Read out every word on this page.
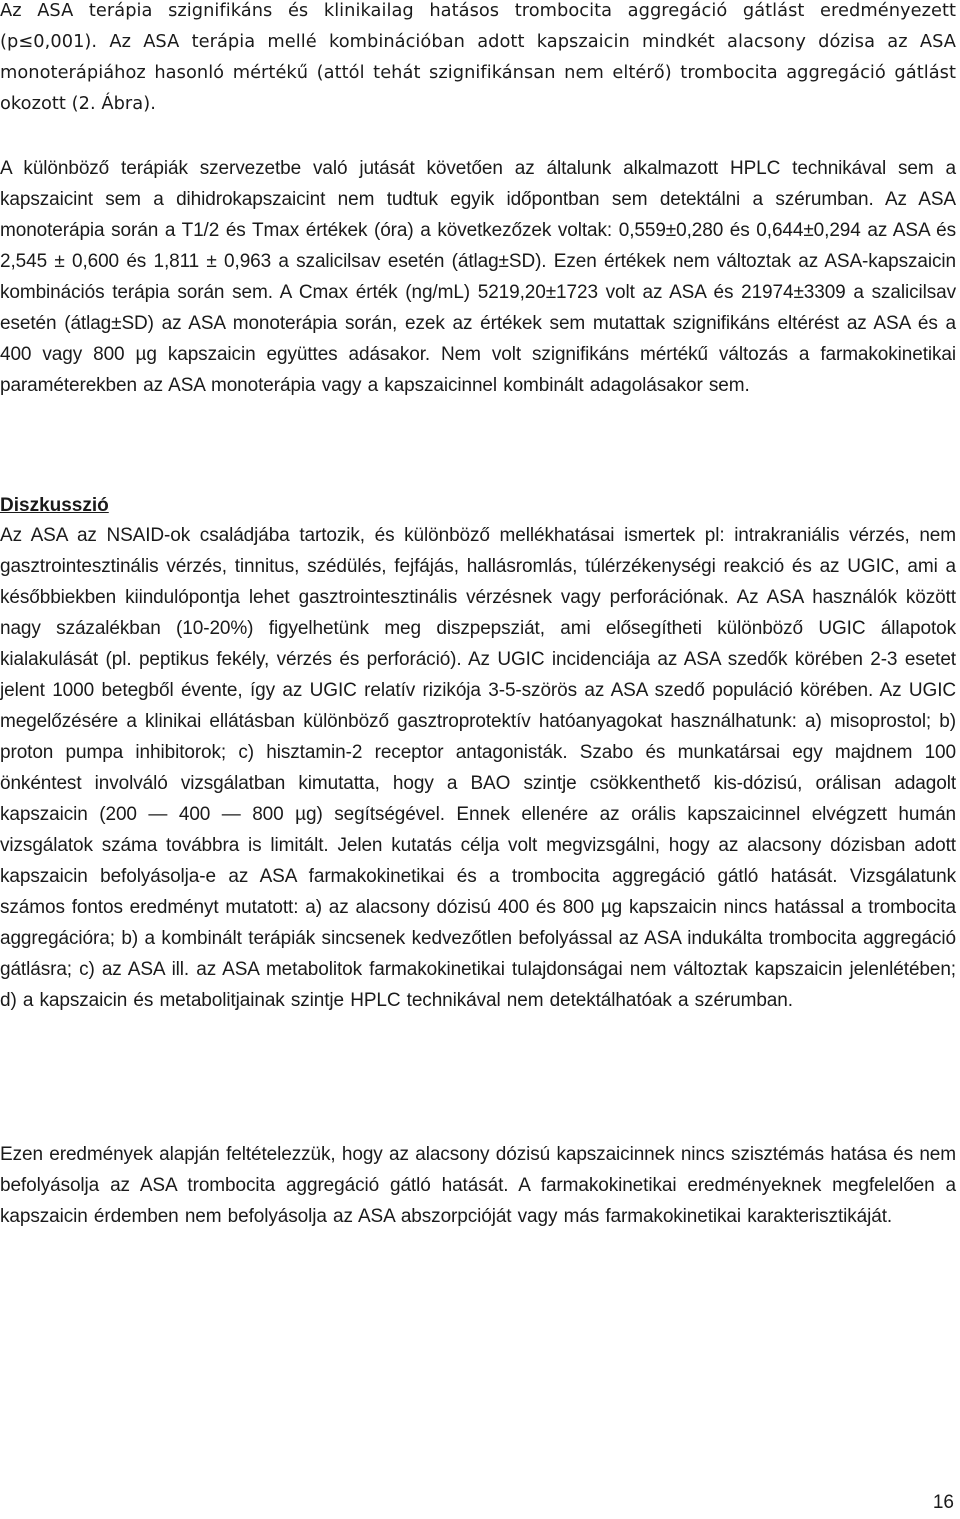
Az ASA terápia szignifikáns és klinikailag hatásos trombocita aggregáció gátlást eredményezett (p≤0,001). Az ASA terápia mellé kombinációban adott kapszaicin mindkét alacsony dózisa az ASA monoterápiához hasonló mértékű (attól tehát szignifikánsan nem eltérő) trombocita aggregáció gátlást okozott (2. Ábra).

A különböző terápiák szervezetbe való jutását követően az általunk alkalmazott HPLC technikával sem a kapszaicint sem a dihidrokapszaicint nem tudtuk egyik időpontban sem detektálni a szérumban. Az ASA monoterápia során a T1/2 és Tmax értékek (óra) a következőzek voltak: 0,559±0,280 és 0,644±0,294 az ASA és 2,545 ± 0,600 és 1,811 ± 0,963 a szalicilsav esetén (átlag±SD). Ezen értékek nem változtak az ASA-kapszaicin kombinációs terápia során sem. A Cmax érték (ng/mL) 5219,20±1723 volt az ASA és 21974±3309 a szalicilsav esetén (átlag±SD) az ASA monoterápia során, ezek az értékek sem mutattak szignifikáns eltérést az ASA és a 400 vagy 800 µg kapszaicin együttes adásakor. Nem volt szignifikáns mértékű változás a farmakokinetikai paraméterekben az ASA monoterápia vagy a kapszaicinnel kombinált adagolásakor sem.

Diszkusszió

Az ASA az NSAID-ok családjába tartozik, és különböző mellékhatásai ismertek pl: intrakraniális vérzés, nem gasztrointesztinális vérzés, tinnitus, szédülés, fejfájás, hallásromlás, túlérzékenységi reakció és az UGIC, ami a későbbiekben kiindulópontja lehet gasztrointesztinális vérzésnek vagy perforációnak. Az ASA használók között nagy százalékban (10-20%) figyelhetünk meg diszpepsziát, ami elősegítheti különböző UGIC állapotok kialakulását (pl. peptikus fekély, vérzés és perforáció). Az UGIC incidenciája az ASA szedők körében 2-3 esetet jelent 1000 betegből évente, így az UGIC relatív rizikója 3-5-szörös az ASA szedő populáció körében. Az UGIC megelőzésére a klinikai ellátásban különböző gasztroprotektív hatóanyagokat használhatunk: a) misoprostol; b) proton pumpa inhibitorok; c) hisztamin-2 receptor antagonisták. Szabo és munkatársai egy majdnem 100 önkéntest involváló vizsgálatban kimutatta, hogy a BAO szintje csökkenthető kis-dózisú, orálisan adagolt kapszaicin (200 — 400 — 800 µg) segítségével. Ennek ellenére az orális kapszaicinnel elvégzett humán vizsgálatok száma továbbra is limitált. Jelen kutatás célja volt megvizsgálni, hogy az alacsony dózisban adott kapszaicin befolyásolja-e az ASA farmakokinetikai és a trombocita aggregáció gátló hatását. Vizsgálatunk számos fontos eredményt mutatott: a) az alacsony dózisú 400 és 800 µg kapszaicin nincs hatással a trombocita aggregációra; b) a kombinált terápiák sincsenek kedvezőtlen befolyással az ASA indukálta trombocita aggregáció gátlásra; c) az ASA ill. az ASA metabolitok farmakokinetikai tulajdonságai nem változtak kapszaicin jelenlétében; d) a kapszaicin és metabolitjainak szintje HPLC technikával nem detektálhatóak a szérumban.

Ezen eredmények alapján feltételezzük, hogy az alacsony dózisú kapszaicinnek nincs szisztémás hatása és nem befolyásolja az ASA trombocita aggregáció gátló hatását. A farmakokinetikai eredményeknek megfelelően a kapszaicin érdemben nem befolyásolja az ASA abszorpcióját vagy más farmakokinetikai karakterisztikáját.

16
